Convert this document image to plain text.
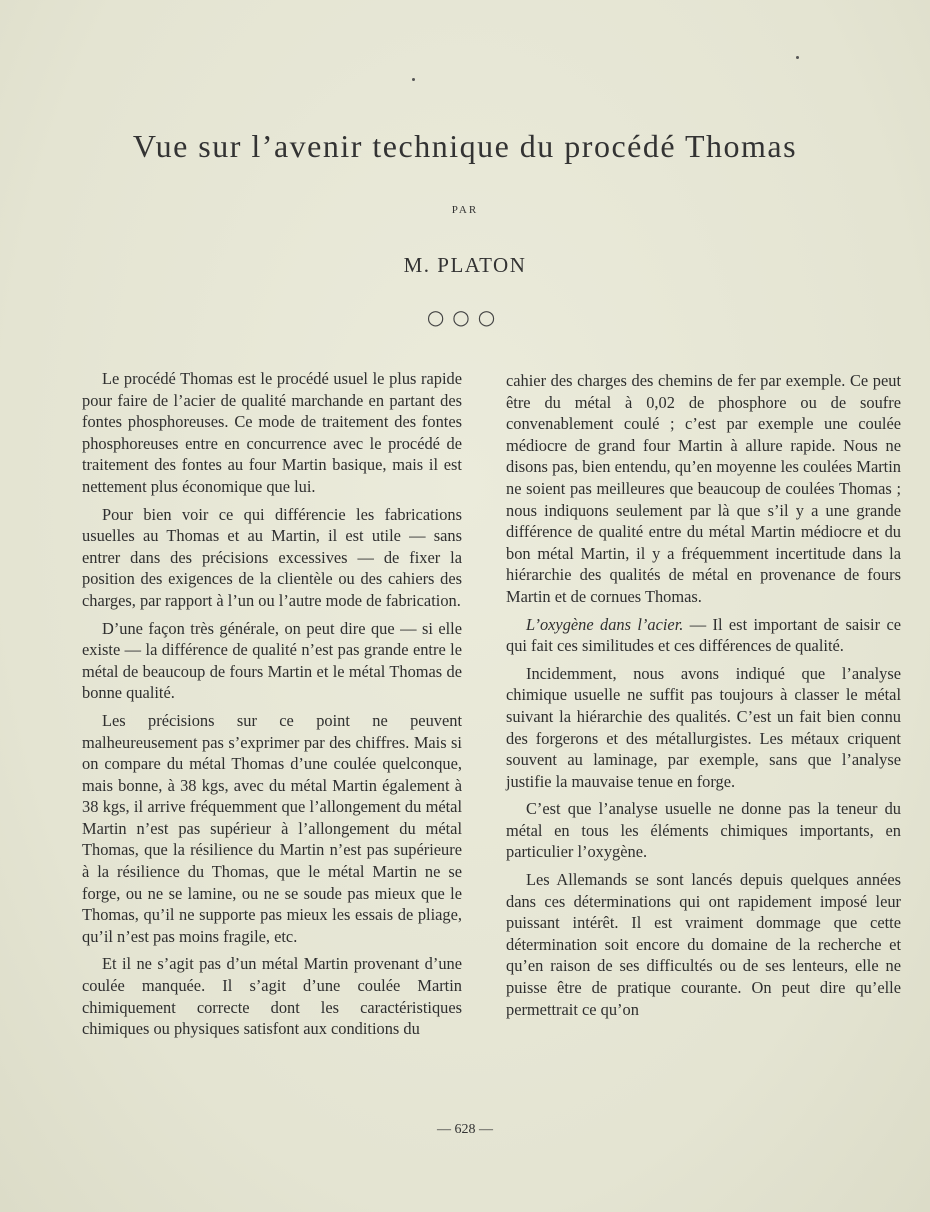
Vue sur l’avenir technique du procédé Thomas
PAR
M. PLATON
○○○

Le procédé Thomas est le procédé usuel le plus rapide pour faire de l’acier de qualité marchande en partant des fontes phosphoreuses. Ce mode de traitement des fontes phosphoreuses entre en concurrence avec le procédé de traitement des fontes au four Martin basique, mais il est nettement plus économique que lui.

Pour bien voir ce qui différencie les fabrications usuelles au Thomas et au Martin, il est utile — sans entrer dans des précisions excessives — de fixer la position des exigences de la clientèle ou des cahiers des charges, par rapport à l’un ou l’autre mode de fabrication.

D’une façon très générale, on peut dire que — si elle existe — la différence de qualité n’est pas grande entre le métal de beaucoup de fours Martin et le métal Thomas de bonne qualité.

Les précisions sur ce point ne peuvent malheureusement pas s’exprimer par des chiffres. Mais si on compare du métal Thomas d’une coulée quelconque, mais bonne, à 38 kgs, avec du métal Martin également à 38 kgs, il arrive fréquemment que l’allongement du métal Martin n’est pas supérieur à l’allongement du métal Thomas, que la résilience du Martin n’est pas supérieure à la résilience du Thomas, que le métal Martin ne se forge, ou ne se lamine, ou ne se soude pas mieux que le Thomas, qu’il ne supporte pas mieux les essais de pliage, qu’il n’est pas moins fragile, etc.

Et il ne s’agit pas d’un métal Martin provenant d’une coulée manquée. Il s’agit d’une coulée Martin chimiquement correcte dont les caractéristiques chimiques ou physiques satisfont aux conditions du

cahier des charges des chemins de fer par exemple. Ce peut être du métal à 0,02 de phosphore ou de soufre convenablement coulé ; c’est par exemple une coulée médiocre de grand four Martin à allure rapide. Nous ne disons pas, bien entendu, qu’en moyenne les coulées Martin ne soient pas meilleures que beaucoup de coulées Thomas ; nous indiquons seulement par là que s’il y a une grande différence de qualité entre du métal Martin médiocre et du bon métal Martin, il y a fréquemment incertitude dans la hiérarchie des qualités de métal en provenance de fours Martin et de cornues Thomas.

L’oxygène dans l’acier. — Il est important de saisir ce qui fait ces similitudes et ces différences de qualité.

Incidemment, nous avons indiqué que l’analyse chimique usuelle ne suffit pas toujours à classer le métal suivant la hiérarchie des qualités. C’est un fait bien connu des forgerons et des métallurgistes. Les métaux criquent souvent au laminage, par exemple, sans que l’analyse justifie la mauvaise tenue en forge.

C’est que l’analyse usuelle ne donne pas la teneur du métal en tous les éléments chimiques importants, en particulier l’oxygène.

Les Allemands se sont lancés depuis quelques années dans ces déterminations qui ont rapidement imposé leur puissant intérêt. Il est vraiment dommage que cette détermination soit encore du domaine de la recherche et qu’en raison de ses difficultés ou de ses lenteurs, elle ne puisse être de pratique courante. On peut dire qu’elle permettrait ce qu’on

— 628 —
